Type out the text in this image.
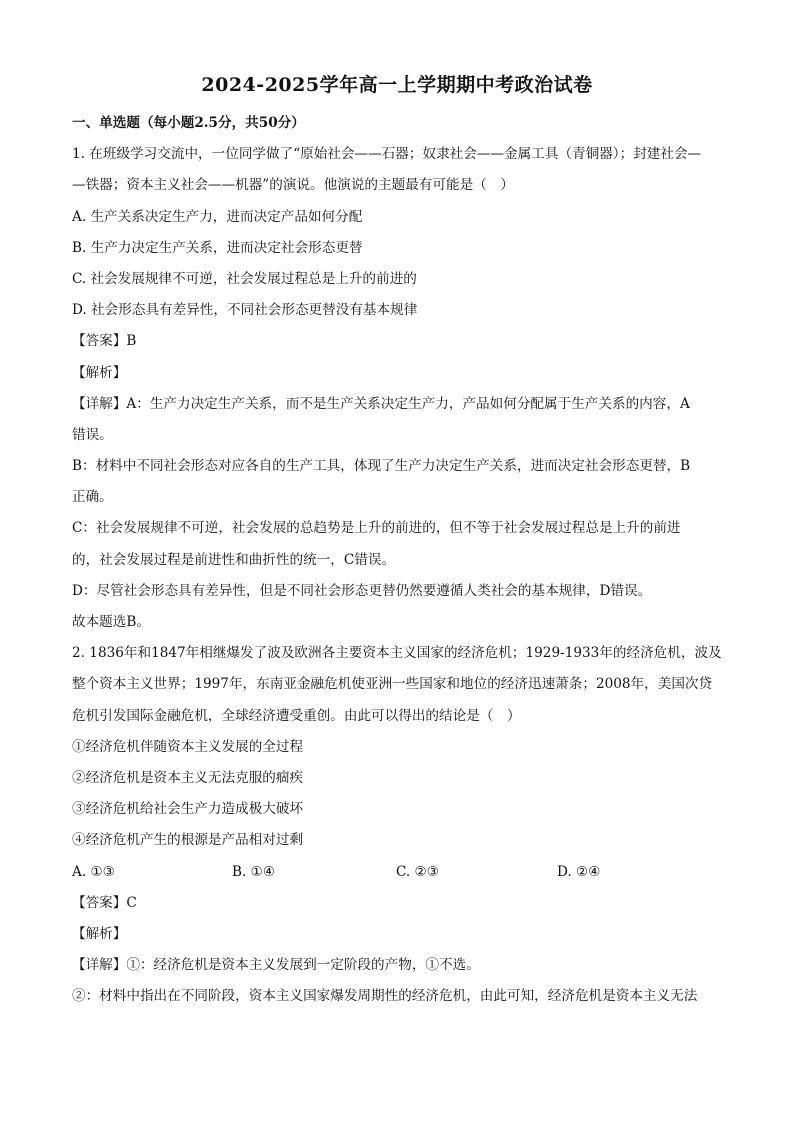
2024-2025学年高一上学期期中考政治试卷
一、单选题（每小题2.5分，共50分）
1. 在班级学习交流中，一位同学做了“原始社会——石器；奴隶社会——金属工具（青铜器）；封建社会—
—铁器；资本主义社会——机器”的演说。他演说的主题最有可能是（　）
A. 生产关系决定生产力，进而决定产品如何分配
B. 生产力决定生产关系，进而决定社会形态更替
C. 社会发展规律不可逆，社会发展过程总是上升的前进的
D. 社会形态具有差异性，不同社会形态更替没有基本规律
【答案】B
【解析】
【详解】A：生产力决定生产关系，而不是生产关系决定生产力，产品如何分配属于生产关系的内容，A
错误。
B：材料中不同社会形态对应各自的生产工具，体现了生产力决定生产关系，进而决定社会形态更替，B
正确。
C：社会发展规律不可逆，社会发展的总趋势是上升的前进的，但不等于社会发展过程总是上升的前进
的，社会发展过程是前进性和曲折性的统一，C错误。
D：尽管社会形态具有差异性，但是不同社会形态更替仍然要遵循人类社会的基本规律，D错误。
故本题选B。
2. 1836年和1847年相继爆发了波及欧洲各主要资本主义国家的经济危机；1929-1933年的经济危机，波及
整个资本主义世界；1997年，东南亚金融危机使亚洲一些国家和地位的经济迅速萧条；2008年，美国次贷
危机引发国际金融危机，全球经济遭受重创。由此可以得出的结论是（　）
①经济危机伴随资本主义发展的全过程
②经济危机是资本主义无法克服的痼疾
③经济危机给社会生产力造成极大破坏
④经济危机产生的根源是产品相对过剩
A. ①③	B. ①④	C. ②③	D. ②④
【答案】C
【解析】
【详解】①：经济危机是资本主义发展到一定阶段的产物，①不选。
②：材料中指出在不同阶段，资本主义国家爆发周期性的经济危机，由此可知，经济危机是资本主义无法
